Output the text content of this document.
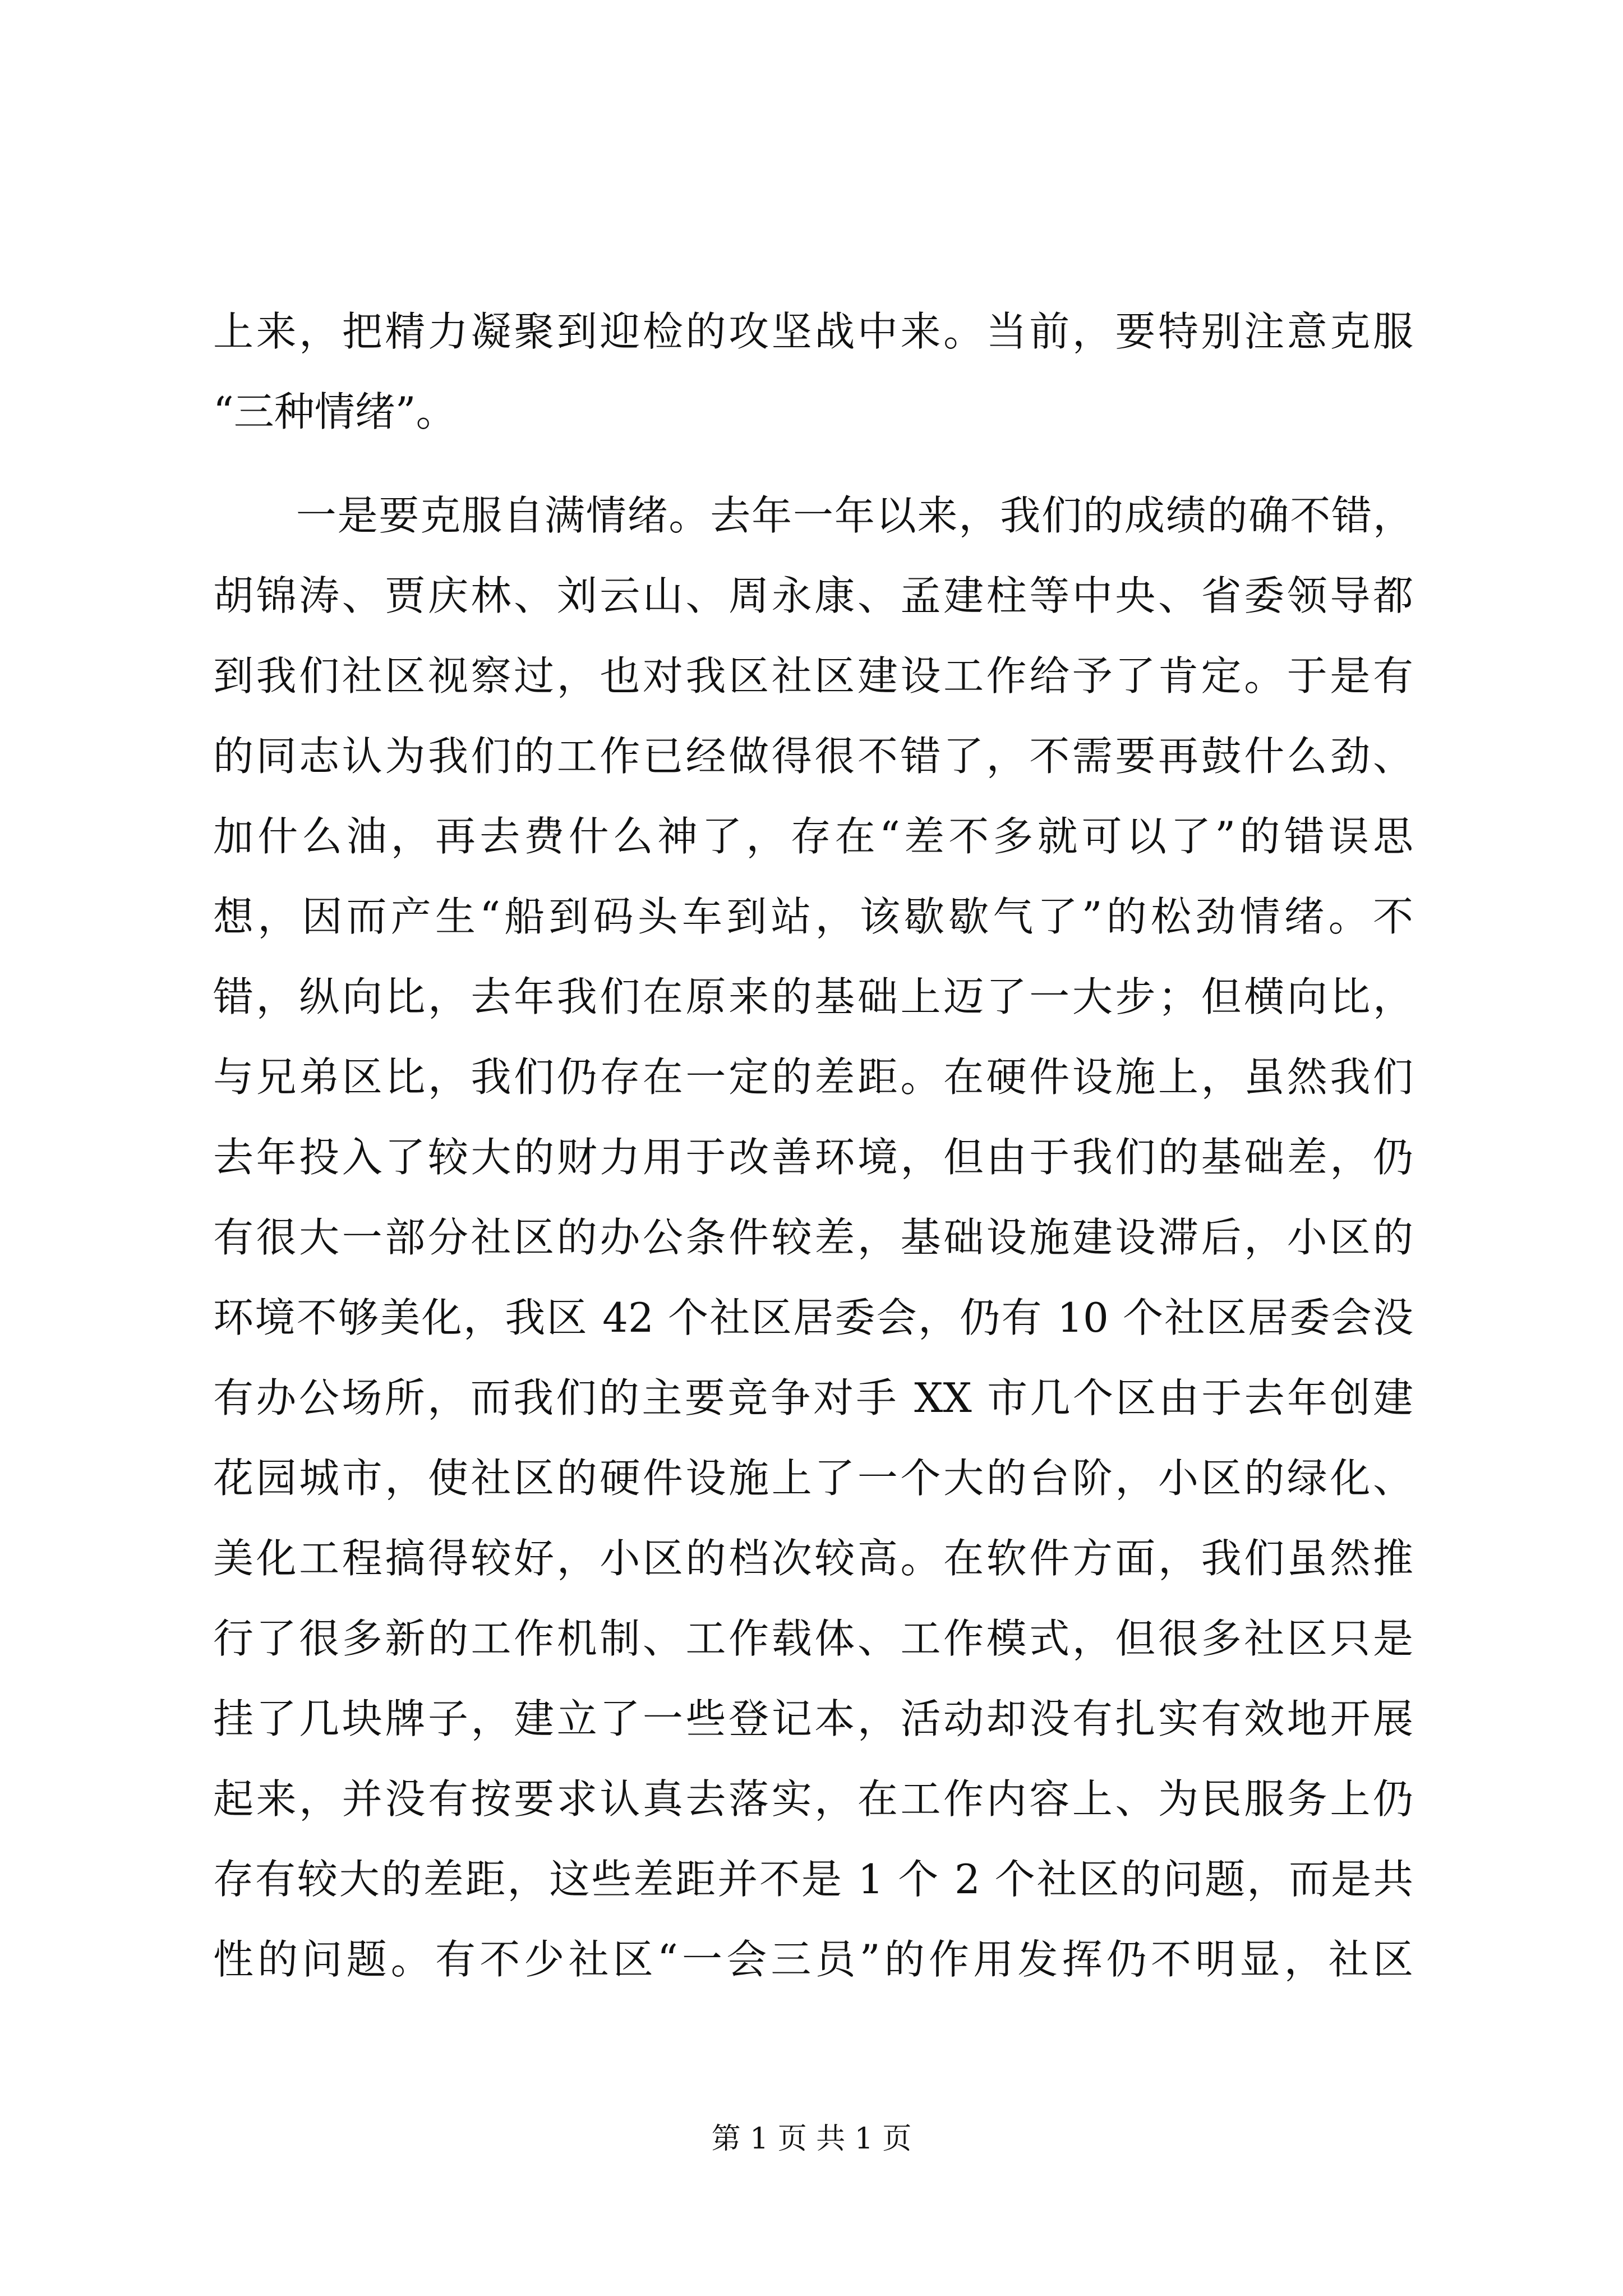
上来，把精力凝聚到迎检的攻坚战中来。当前，要特别注意克服
“三种情绪”。
　　一是要克服自满情绪。去年一年以来，我们的成绩的确不错，
胡锦涛、贾庆林、刘云山、周永康、孟建柱等中央、省委领导都
到我们社区视察过，也对我区社区建设工作给予了肯定。于是有
的同志认为我们的工作已经做得很不错了，不需要再鼓什么劲、
加什么油，再去费什么神了，存在“差不多就可以了”的错误思
想，因而产生“船到码头车到站，该歇歇气了”的松劲情绪。不
错，纵向比，去年我们在原来的基础上迈了一大步；但横向比，
与兄弟区比，我们仍存在一定的差距。在硬件设施上，虽然我们
去年投入了较大的财力用于改善环境，但由于我们的基础差，仍
有很大一部分社区的办公条件较差，基础设施建设滞后，小区的
环境不够美化，我区 42 个社区居委会，仍有 10 个社区居委会没
有办公场所，而我们的主要竞争对手 XX 市几个区由于去年创建
花园城市，使社区的硬件设施上了一个大的台阶，小区的绿化、
美化工程搞得较好，小区的档次较高。在软件方面，我们虽然推
行了很多新的工作机制、工作载体、工作模式，但很多社区只是
挂了几块牌子，建立了一些登记本，活动却没有扎实有效地开展
起来，并没有按要求认真去落实，在工作内容上、为民服务上仍
存有较大的差距，这些差距并不是 1 个 2 个社区的问题，而是共
性的问题。有不少社区“一会三员”的作用发挥仍不明显，社区
第 1 页 共 1 页
